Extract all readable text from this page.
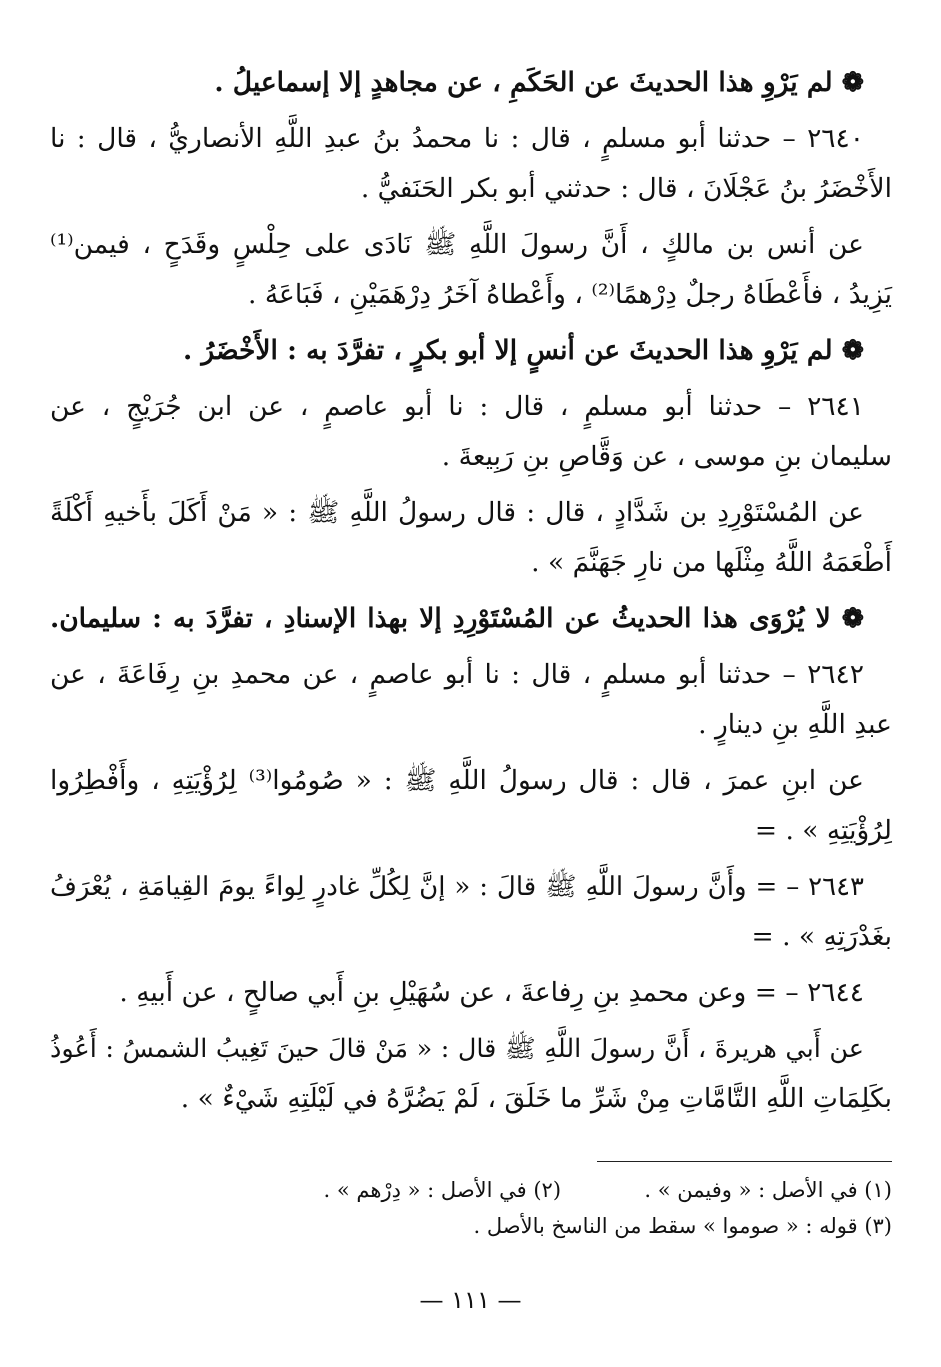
❁ لم يَرْوِ هذا الحديثَ عن الحَكَمِ ، عن مجاهدٍ إلا إسماعيلُ .
٢٦٤٠ – حدثنا أبو مسلمٍ ، قال : نا محمدُ بنُ عبدِ اللَّهِ الأنصاريُّ ، قال : نا
الأَخْضَرُ بنُ عَجْلَانَ ، قال : حدثني أبو بكر الحَنَفيُّ .
عن أنس بن مالكٍ ، أَنَّ رسولَ اللَّهِ ﷺ نَادَى على حِلْسٍ وقَدَحٍ ، فيمن⁽¹⁾
يَزِيدُ ، فأَعْطَاهُ رجلٌ دِرْهمًا⁽²⁾ ، وأَعْطاهُ آخَرُ دِرْهَمَيْنِ ، فَبَاعَهُ .
❁ لم يَرْوِ هذا الحديثَ عن أنسٍ إلا أبو بكرٍ ، تفرَّدَ به : الأَخْضَرُ .
٢٦٤١ – حدثنا أبو مسلمٍ ، قال : نا أبو عاصمٍ ، عن ابن جُرَيْجٍ ، عن
سليمان بنِ موسى ، عن وَقَّاصِ بنِ رَبِيعةَ .
عن المُسْتَوْرِدِ بن شَدَّادٍ ، قال : قال رسولُ اللَّهِ ﷺ : « مَنْ أَكَلَ بأَخيهِ أَكْلَةً
أَطْعَمَهُ اللَّهُ مِثْلَها من نارِ جَهَنَّمَ » .
❁ لا يُرْوَى هذا الحديثُ عن المُسْتَوْرِدِ إلا بهذا الإسنادِ ، تفرَّدَ به : سليمان.
٢٦٤٢ – حدثنا أبو مسلمٍ ، قال : نا أبو عاصمٍ ، عن محمدِ بنِ رِفَاعَةَ ، عن
عبدِ اللَّهِ بنِ دينارٍ .
عن ابنِ عمرَ ، قال : قال رسولُ اللَّهِ ﷺ : « صُومُوا⁽³⁾ لِرُؤْيَتِهِ ، وأَفْطِرُوا
لِرُؤْيَتِهِ » . =
٢٦٤٣ – = وأَنَّ رسولَ اللَّهِ ﷺ قالَ : « إنَّ لِكُلِّ غادرٍ لِواءً يومَ القِيامَةِ ، يُعْرَفُ
بغَدْرَتِهِ » . =
٢٦٤٤ – = وعن محمدِ بنِ رِفاعةَ ، عن سُهَيْلِ بنِ أَبي صالحٍ ، عن أَبيهِ .
عن أَبي هريرةَ ، أَنَّ رسولَ اللَّهِ ﷺ قال : « مَنْ قالَ حينَ تَغِيبُ الشمسُ : أَعُوذُ
بكَلِمَاتِ اللَّهِ التَّامَّاتِ مِنْ شَرِّ ما خَلَقَ ، لَمْ يَضُرَّهُ في لَيْلَتِهِ شَيْءٌ » .
(١) في الأصل : « وفيمن » .  (٢) في الأصل : « دِرْهم » .
(٣) قوله : « صوموا » سقط من الناسخ بالأصل .
— ١١١ —
